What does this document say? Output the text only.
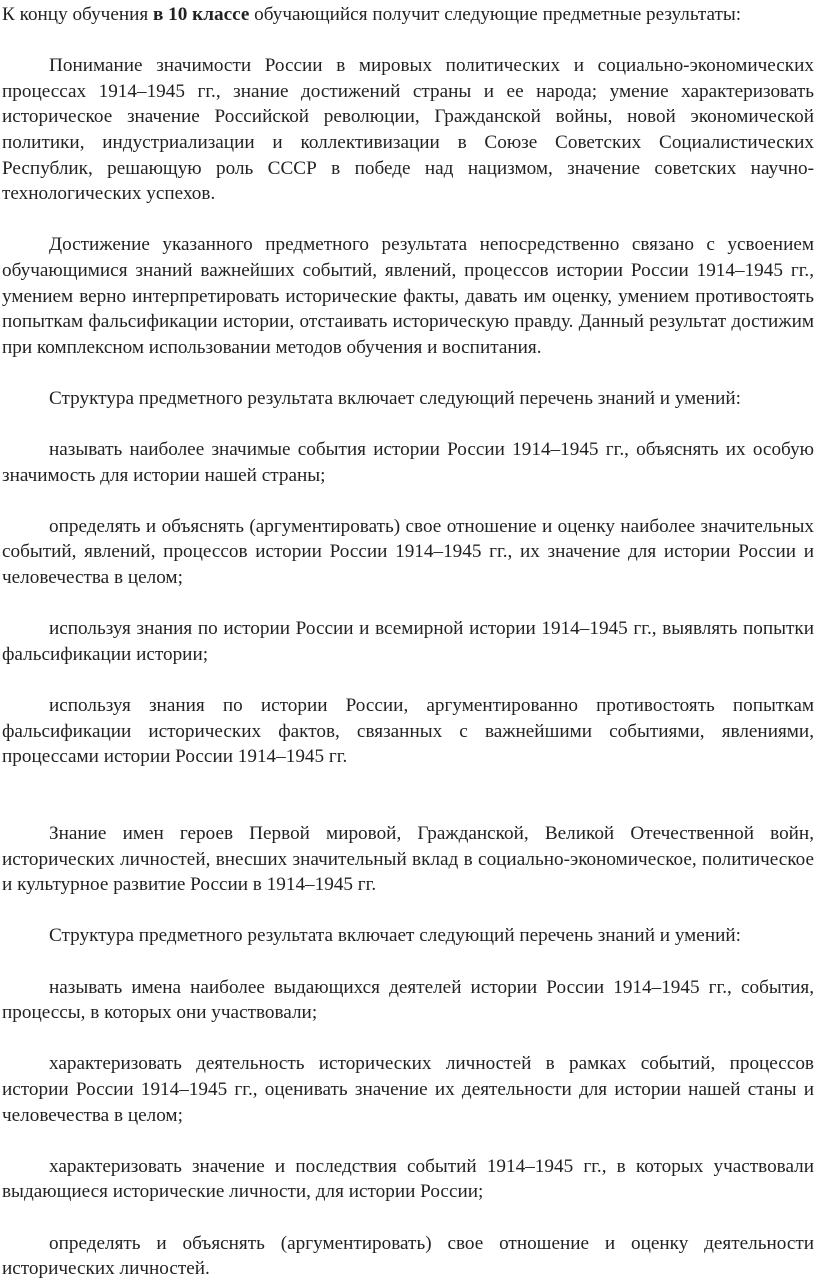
К концу обучения в 10 классе обучающийся получит следующие предметные результаты:

Понимание значимости России в мировых политических и социально-экономических процессах 1914–1945 гг., знание достижений страны и ее народа; умение характеризовать историческое значение Российской революции, Гражданской войны, новой экономической политики, индустриализации и коллективизации в Союзе Советских Социалистических Республик, решающую роль СССР в победе над нацизмом, значение советских научно-технологических успехов.

Достижение указанного предметного результата непосредственно связано с усвоением обучающимися знаний важнейших событий, явлений, процессов истории России 1914–1945 гг., умением верно интерпретировать исторические факты, давать им оценку, умением противостоять попыткам фальсификации истории, отстаивать историческую правду. Данный результат достижим при комплексном использовании методов обучения и воспитания.

Структура предметного результата включает следующий перечень знаний и умений:

называть наиболее значимые события истории России 1914–1945 гг., объяснять их особую значимость для истории нашей страны;

определять и объяснять (аргументировать) свое отношение и оценку наиболее значительных событий, явлений, процессов истории России 1914–1945 гг., их значение для истории России и человечества в целом;

используя знания по истории России и всемирной истории 1914–1945 гг., выявлять попытки фальсификации истории;

используя знания по истории России, аргументированно противостоять попыткам фальсификации исторических фактов, связанных с важнейшими событиями, явлениями, процессами истории России 1914–1945 гг.

Знание имен героев Первой мировой, Гражданской, Великой Отечественной войн, исторических личностей, внесших значительный вклад в социально-экономическое, политическое и культурное развитие России в 1914–1945 гг.

Структура предметного результата включает следующий перечень знаний и умений:

называть имена наиболее выдающихся деятелей истории России 1914–1945 гг., события, процессы, в которых они участвовали;

характеризовать деятельность исторических личностей в рамках событий, процессов истории России 1914–1945 гг., оценивать значение их деятельности для истории нашей станы и человечества в целом;

характеризовать значение и последствия событий 1914–1945 гг., в которых участвовали выдающиеся исторические личности, для истории России;

определять и объяснять (аргументировать) свое отношение и оценку деятельности исторических личностей.
